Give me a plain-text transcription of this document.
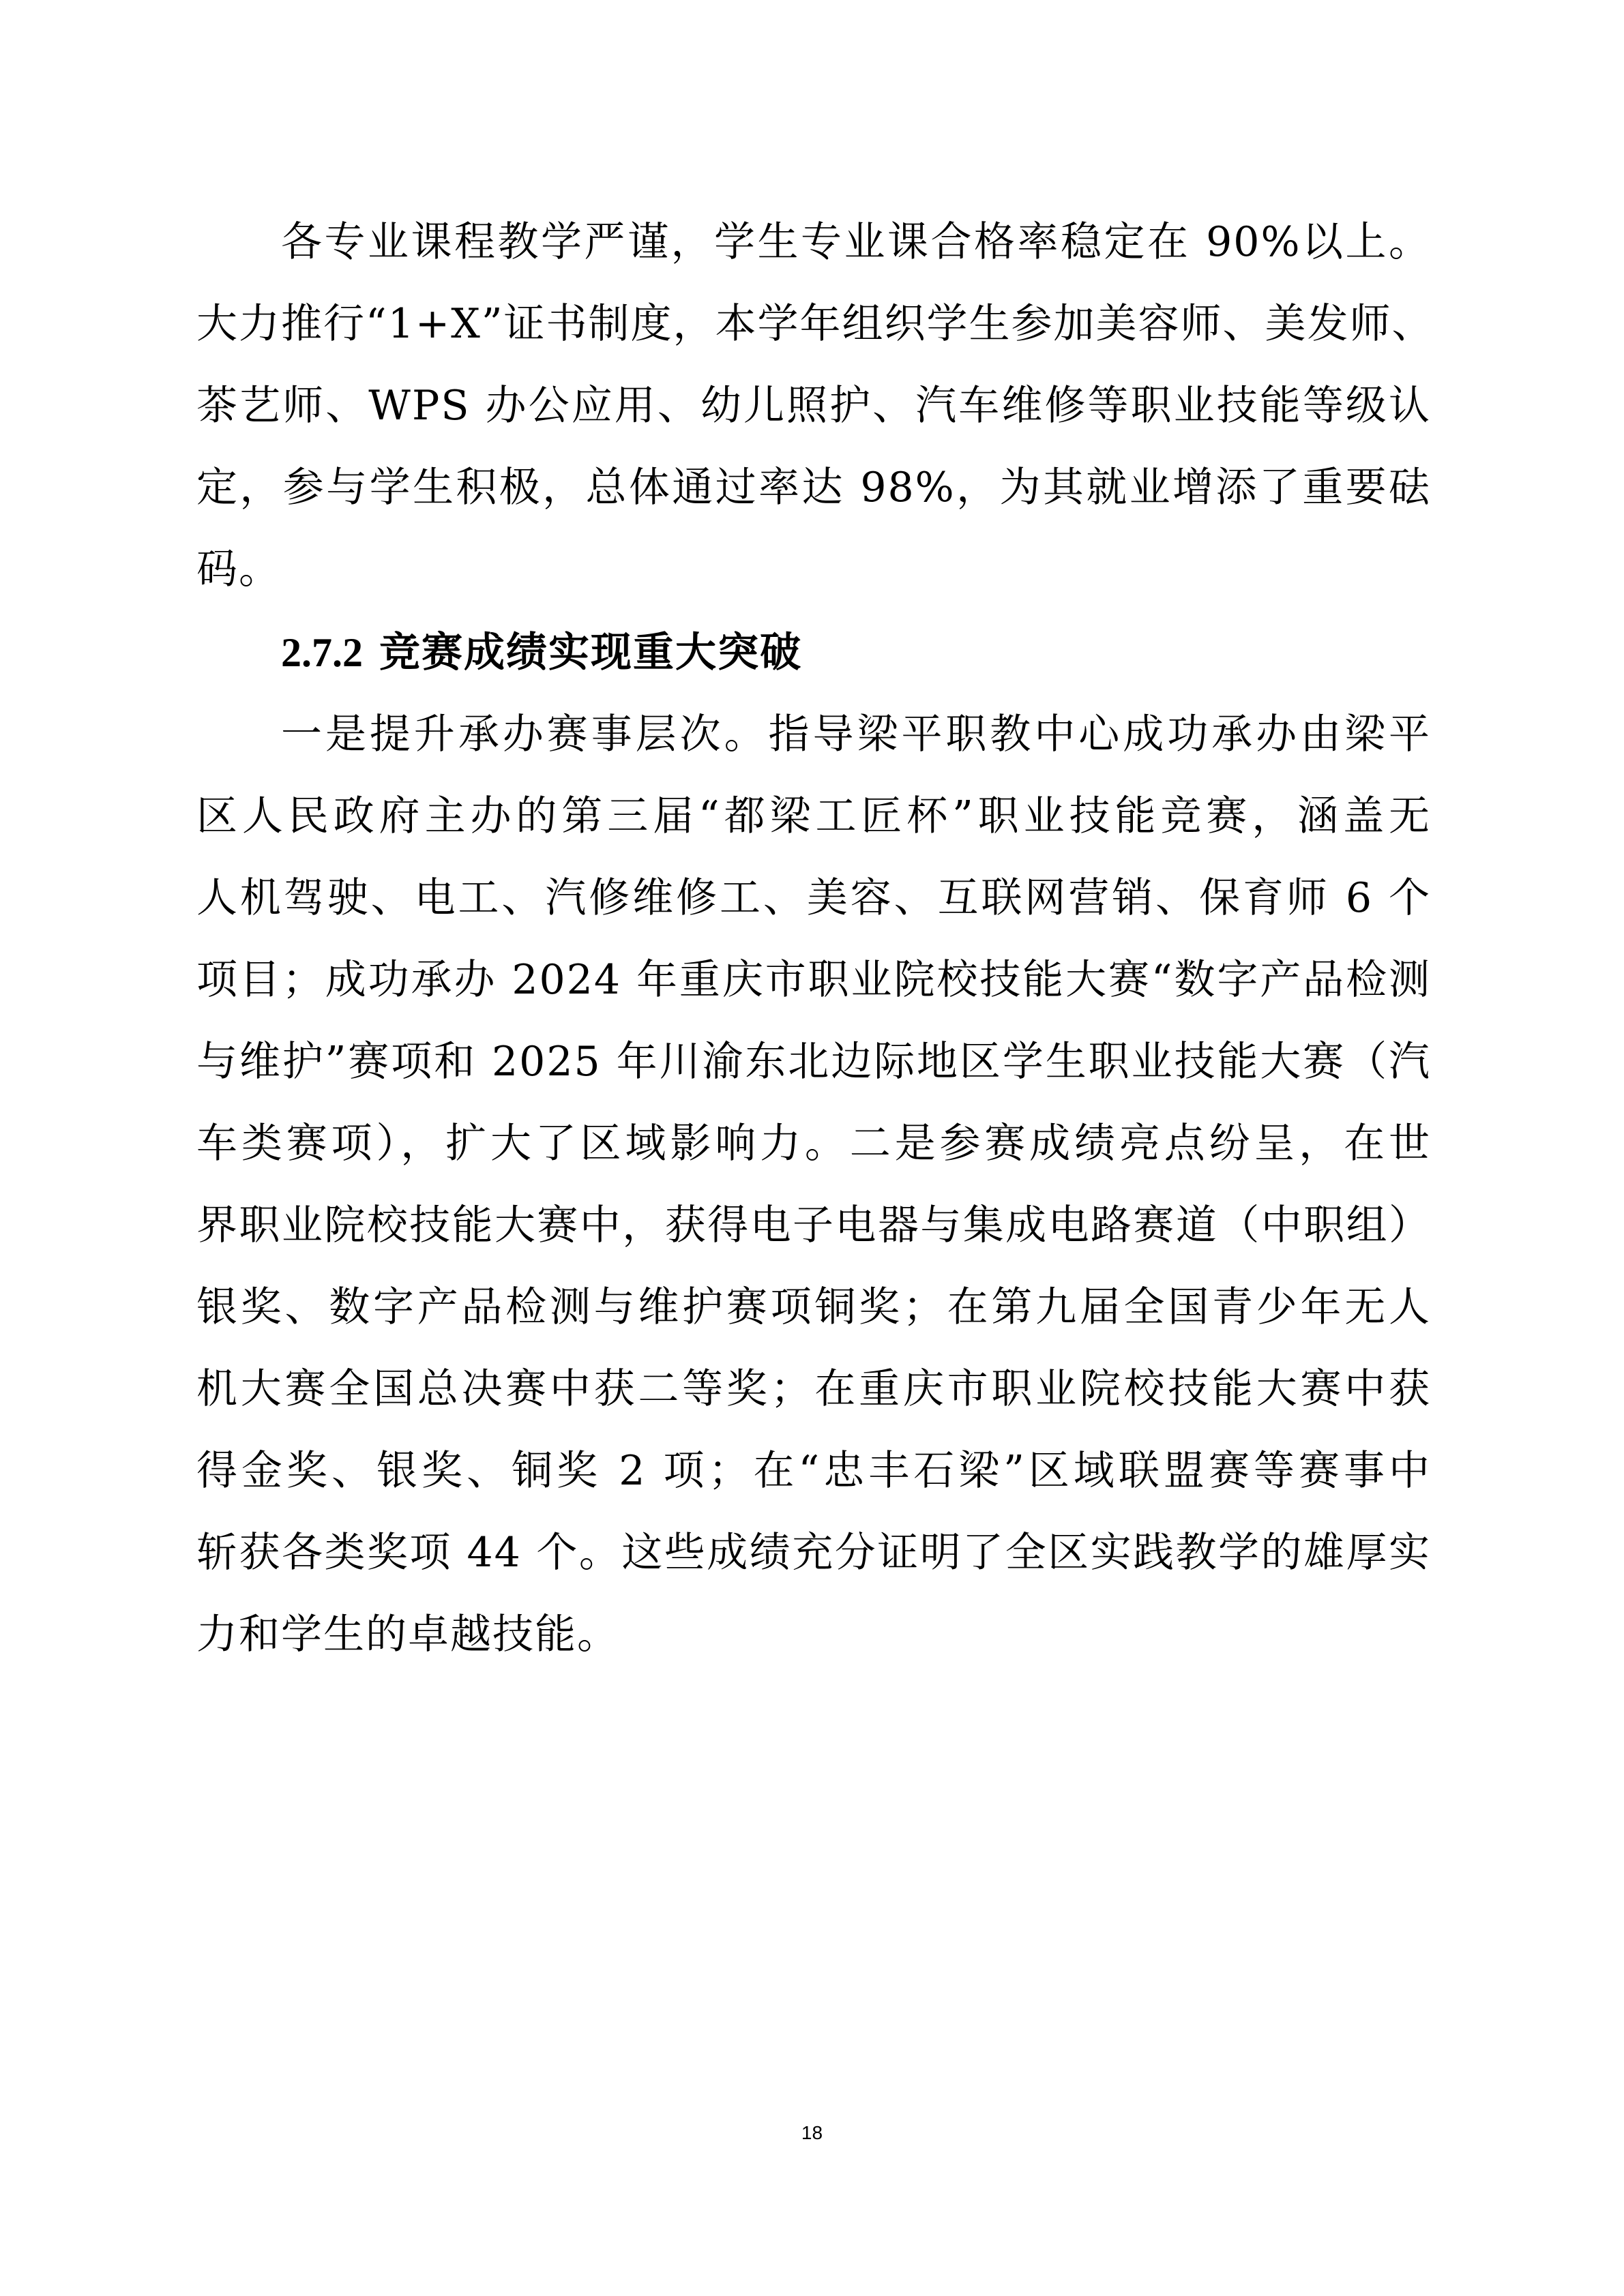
各专业课程教学严谨，学生专业课合格率稳定在 90%以上。
大力推行“1+X”证书制度，本学年组织学生参加美容师、美发师、
茶艺师、WPS 办公应用、幼儿照护、汽车维修等职业技能等级认
定，参与学生积极，总体通过率达 98%，为其就业增添了重要砝
码。
2.7.2 竞赛成绩实现重大突破
一是提升承办赛事层次。指导梁平职教中心成功承办由梁平
区人民政府主办的第三届“都梁工匠杯”职业技能竞赛，涵盖无
人机驾驶、电工、汽修维修工、美容、互联网营销、保育师 6 个
项目；成功承办 2024 年重庆市职业院校技能大赛“数字产品检测
与维护”赛项和 2025 年川渝东北边际地区学生职业技能大赛（汽
车类赛项），扩大了区域影响力。二是参赛成绩亮点纷呈，在世
界职业院校技能大赛中，获得电子电器与集成电路赛道（中职组）
银奖、数字产品检测与维护赛项铜奖；在第九届全国青少年无人
机大赛全国总决赛中获二等奖；在重庆市职业院校技能大赛中获
得金奖、银奖、铜奖 2 项；在“忠丰石梁”区域联盟赛等赛事中
斩获各类奖项 44 个。这些成绩充分证明了全区实践教学的雄厚实
力和学生的卓越技能。
18
